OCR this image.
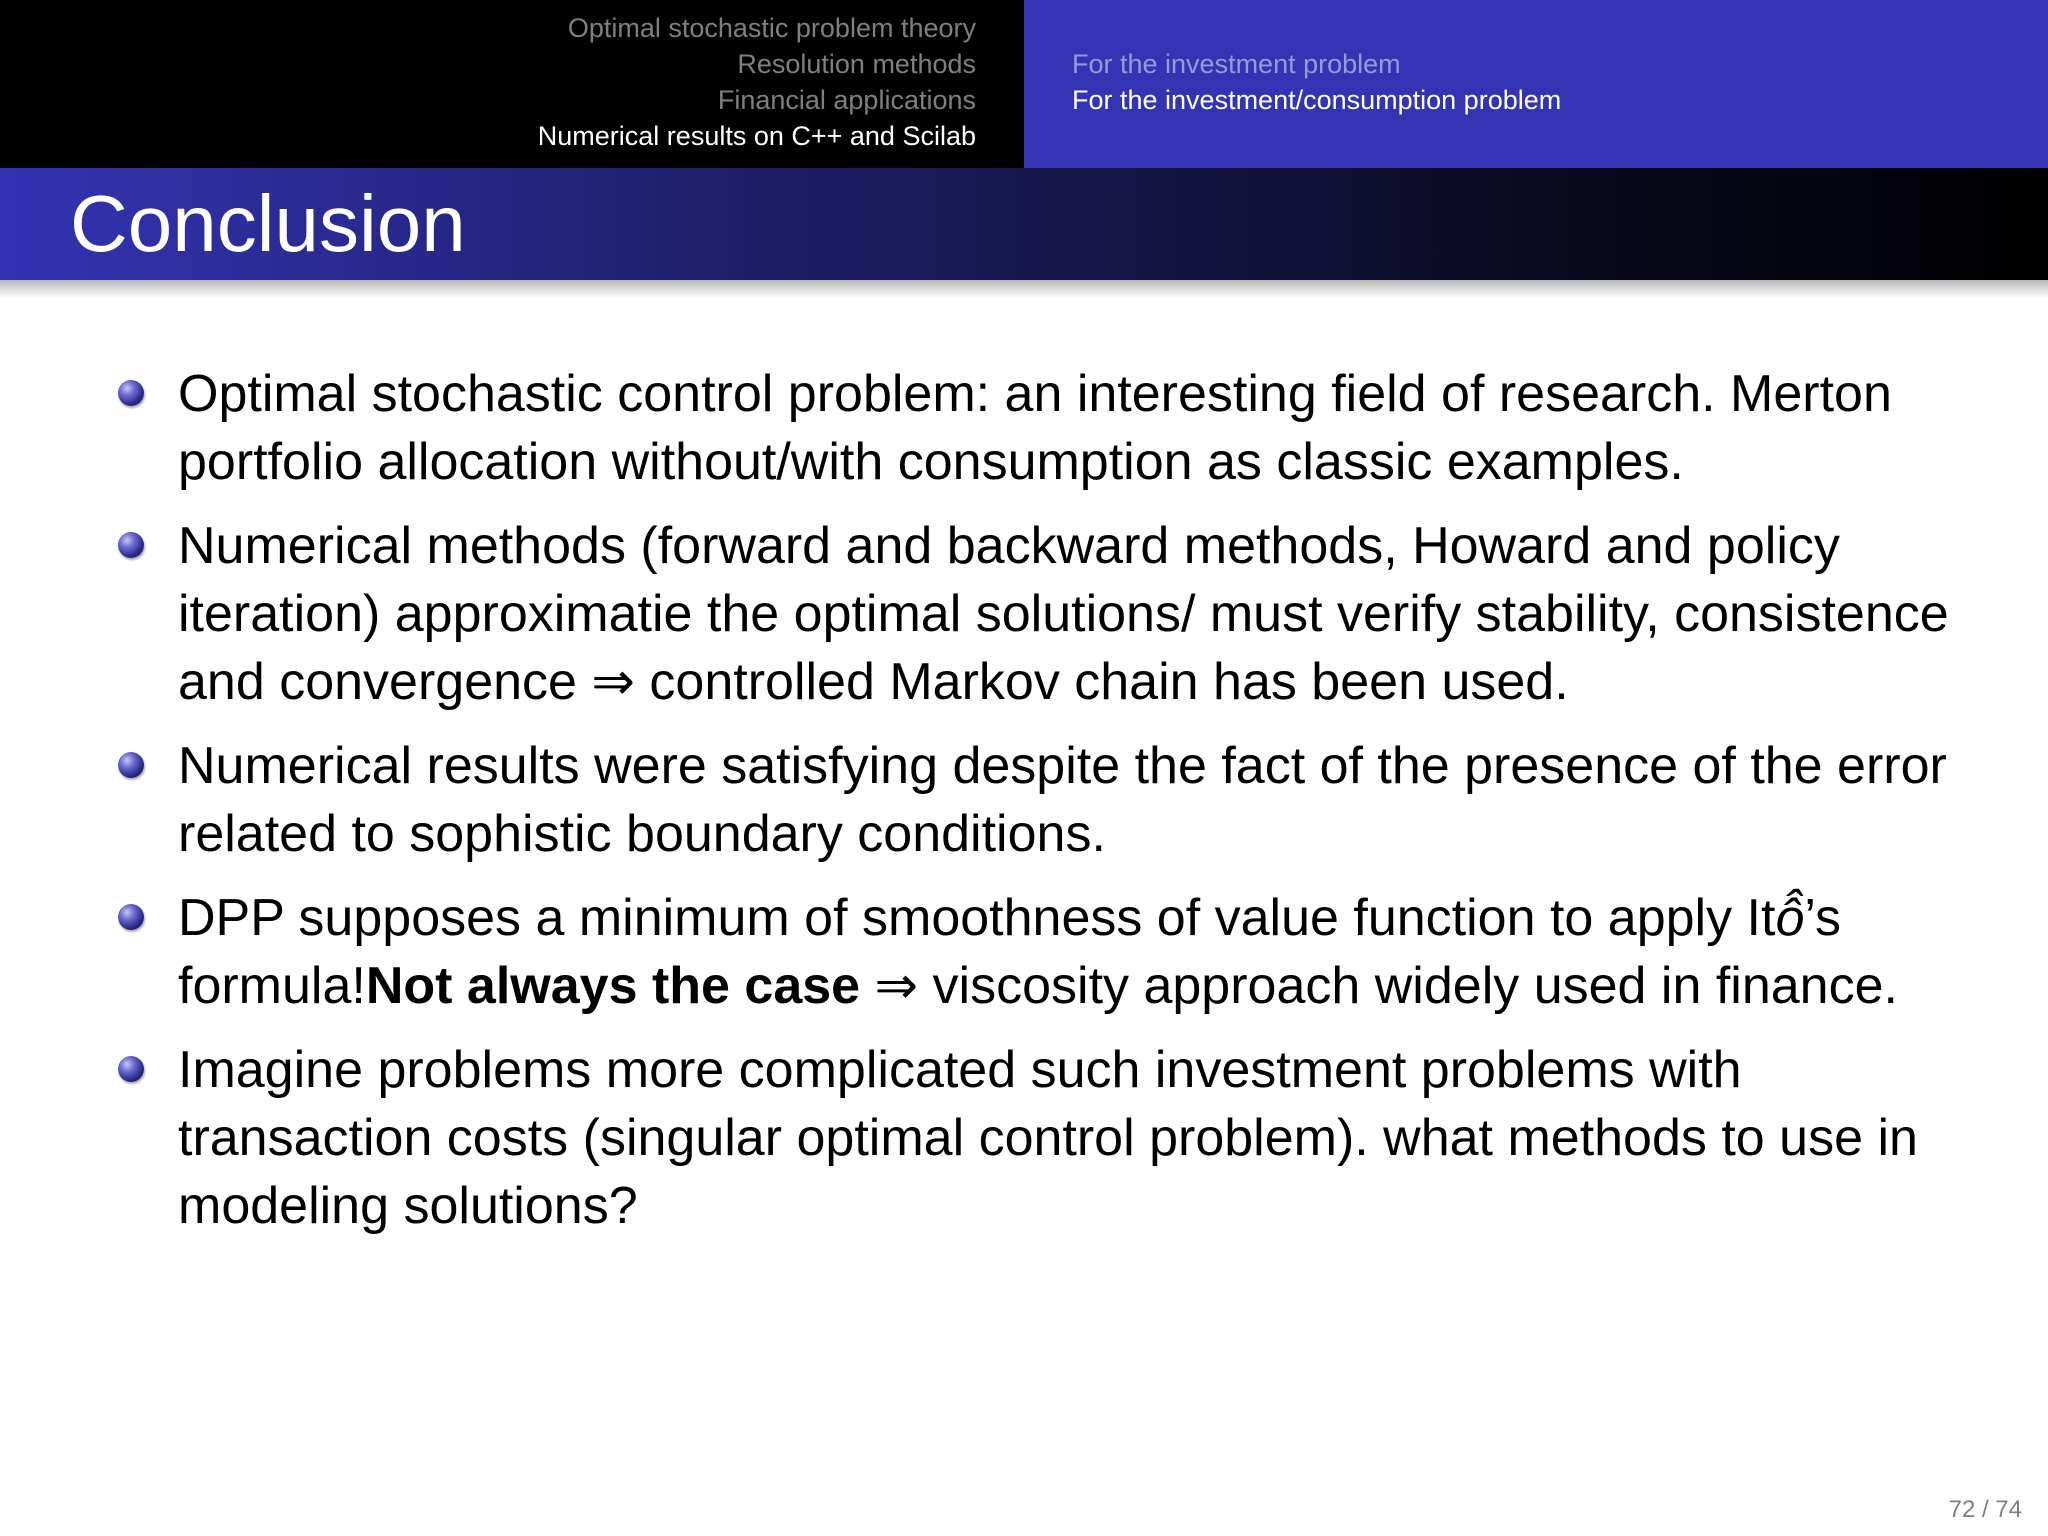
Optimal stochastic problem theory
Resolution methods
Financial applications
Numerical results on C++ and Scilab
For the investment problem
For the investment/consumption problem
Conclusion
Optimal stochastic control problem: an interesting field of research. Merton portfolio allocation without/with consumption as classic examples.
Numerical methods (forward and backward methods, Howard and policy iteration) approximatie the optimal solutions/ must verify stability, consistence and convergence ⇒ controlled Markov chain has been used.
Numerical results were satisfying despite the fact of the presence of the error related to sophistic boundary conditions.
DPP supposes a minimum of smoothness of value function to apply Itô̂’s formula!Not always the case ⇒ viscosity approach widely used in finance.
Imagine problems more complicated such investment problems with transaction costs (singular optimal control problem). what methods to use in modeling solutions?
72 / 74
